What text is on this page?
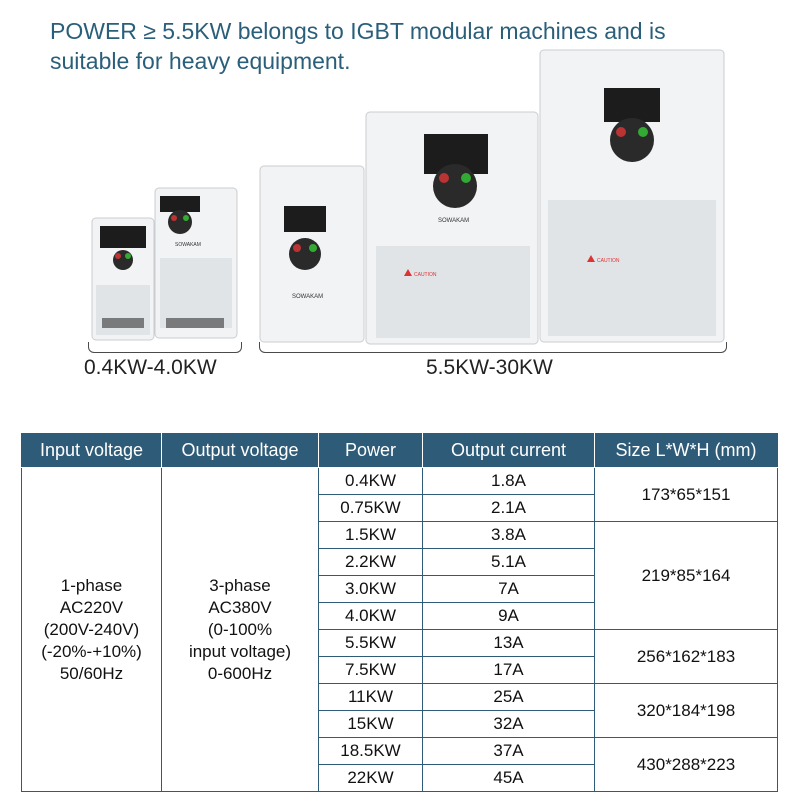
POWER ≥ 5.5KW belongs to IGBT modular machines and is
suitable for heavy equipment.
SOWAKAM
SOWAKAM
SOWAKAM
CAUTION
CAUTION
0.4KW-4.0KW	5.5KW-30KW
Input voltage	Output voltage	Power	Output current	Size L*W*H (mm)
1-phase
AC220V
(200V-240V)
(-20%-+10%)
50/60Hz	3-phase
AC380V
(0-100%
input voltage)
0-600Hz	0.4KW	1.8A	173*65*151
		0.75KW	2.1A	
		1.5KW	3.8A	219*85*164
		2.2KW	5.1A	
		3.0KW	7A	
		4.0KW	9A	
		5.5KW	13A	256*162*183
		7.5KW	17A	
		11KW	25A	320*184*198
		15KW	32A	
		18.5KW	37A	430*288*223
		22KW	45A	
